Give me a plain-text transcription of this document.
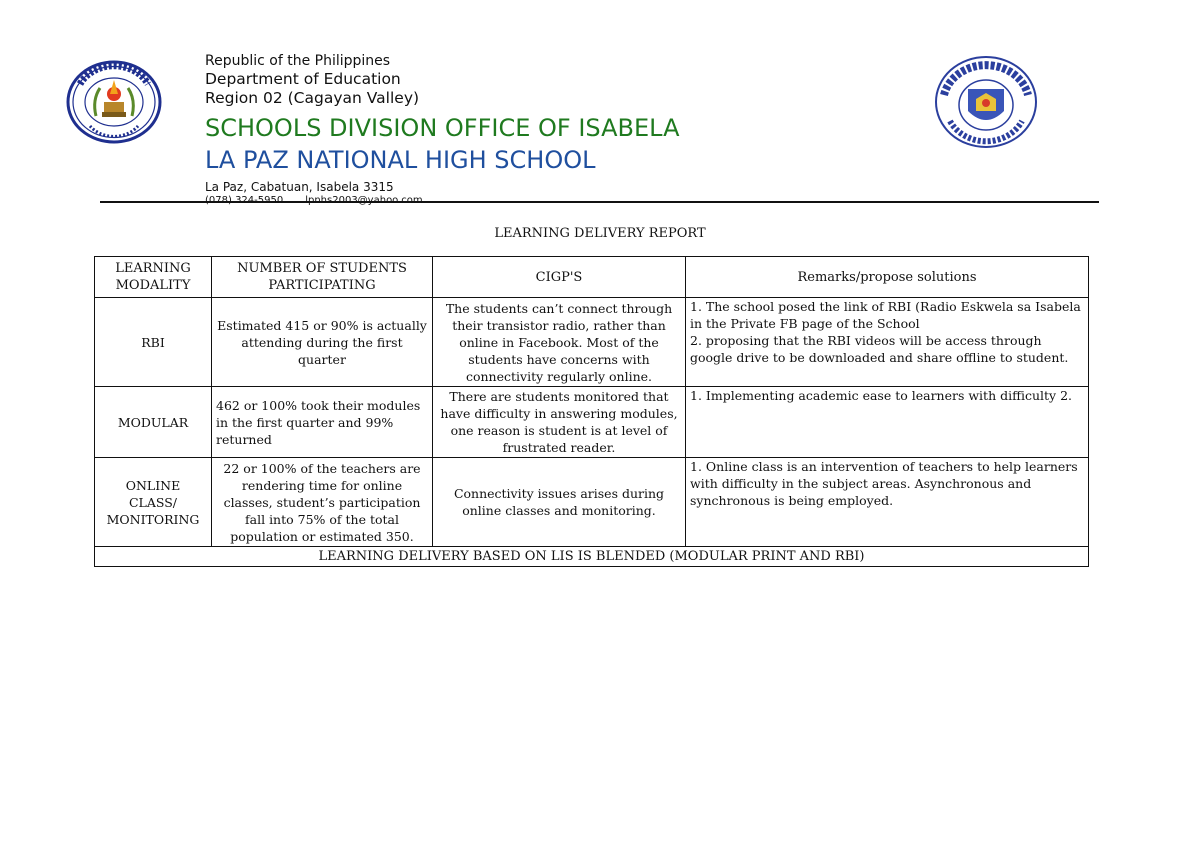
Republic of the Philippines
Department of Education
Region 02 (Cagayan Valley)
SCHOOLS DIVISION OFFICE OF ISABELA
LA PAZ NATIONAL HIGH SCHOOL
La Paz, Cabatuan, Isabela 3315
LEARNING DELIVERY REPORT
LEARNING MODALITY	NUMBER OF STUDENTS PARTICIPATING	CIGP'S	Remarks/propose solutions
RBI	Estimated 415 or 90% is actually attending during the first quarter	The students can’t connect through their transistor radio, rather than online in Facebook. Most of the students have concerns with connectivity regularly online.	1. The school posed the link of RBI (Radio Eskwela sa Isabela in the Private FB page of the School
2. proposing that the RBI videos will be access through google drive to be downloaded and share offline to student.

MODULAR	462 or 100% took their modules in the first quarter and 99% returned	There are students monitored that have difficulty in answering modules, one reason is student is at level of frustrated reader.	1. Implementing academic ease to learners with difficulty 2.

ONLINE
CLASS/
MONITORING	22 or 100% of the teachers are rendering time for online classes, student’s participation fall into 75% of the total population or estimated 350.	Connectivity issues arises during online classes and monitoring.	1. Online class is an intervention of teachers to help learners with difficulty in the subject areas. Asynchronous and synchronous is being employed.

LEARNING DELIVERY BASED ON LIS IS BLENDED (MODULAR PRINT AND RBI)			
